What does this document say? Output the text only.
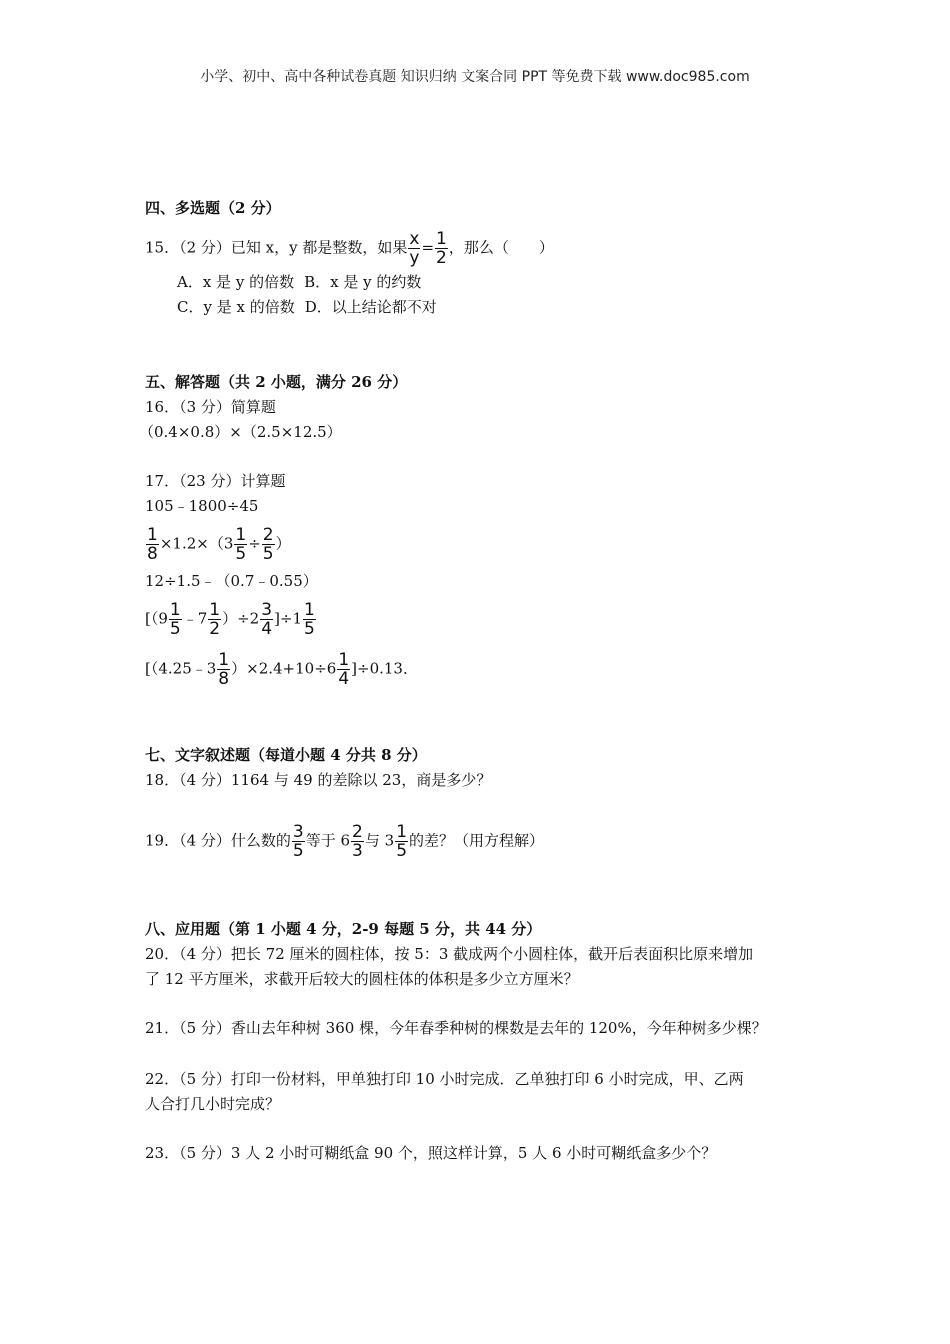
小学、初中、高中各种试卷真题 知识归纳 文案合同 PPT 等免费下载 www.doc985.com
四、多选题（2 分）
15．（2 分）已知 x，y 都是整数，如果 $\frac{x}{y} = \frac{1}{2}$ ，那么（　　）
A．x 是 y 的倍数 B．x 是 y 的约数
C．y 是 x 的倍数 D．以上结论都不对
五、解答题（共 2 小题，满分 26 分）
16．（3 分）简算题
（0.4×0.8）×（2.5×12.5）
17．（23 分）计算题
105﹣1800÷45
$\frac{1}{8} \times 1.2\times(3 \frac{1}{5} \div \frac{2}{5}$ ）
12÷1.5﹣（0.7﹣0.55）
[（$9 \frac{1}{5}$ ﹣7 $\frac{1}{2} )\div 2 \frac{3}{4} ]\div 1 \frac{1}{5}$
[（4.25﹣3 $\frac{1}{8} )\times 2.4+10\div 6 \frac{1}{4} ]\div 0.13$．
七、文字叙述题（每道小题 4 分共 8 分）
18．（4 分）1164 与 49 的差除以 23，商是多少？
19．（4 分）什么数的 $\frac{3}{5}$ 等于 $6 \frac{2}{3}$ 与 $3 \frac{1}{5}$ 的差？（用方程解）
八、应用题（第 1 小题 4 分，2-9 每题 5 分，共 44 分）
20．（4 分）把长 72 厘米的圆柱体，按 5：3 截成两个小圆柱体，截开后表面积比原来增加
了 12 平方厘米，求截开后较大的圆柱体的体积是多少立方厘米？
21．（5 分）香山去年种树 360 棵，今年春季种树的棵数是去年的 120%，今年种树多少棵？
22．（5 分）打印一份材料，甲单独打印 10 小时完成．乙单独打印 6 小时完成，甲、乙两
人合打几小时完成？
23．（5 分）3 人 2 小时可糊纸盒 90 个，照这样计算，5 人 6 小时可糊纸盒多少个？
